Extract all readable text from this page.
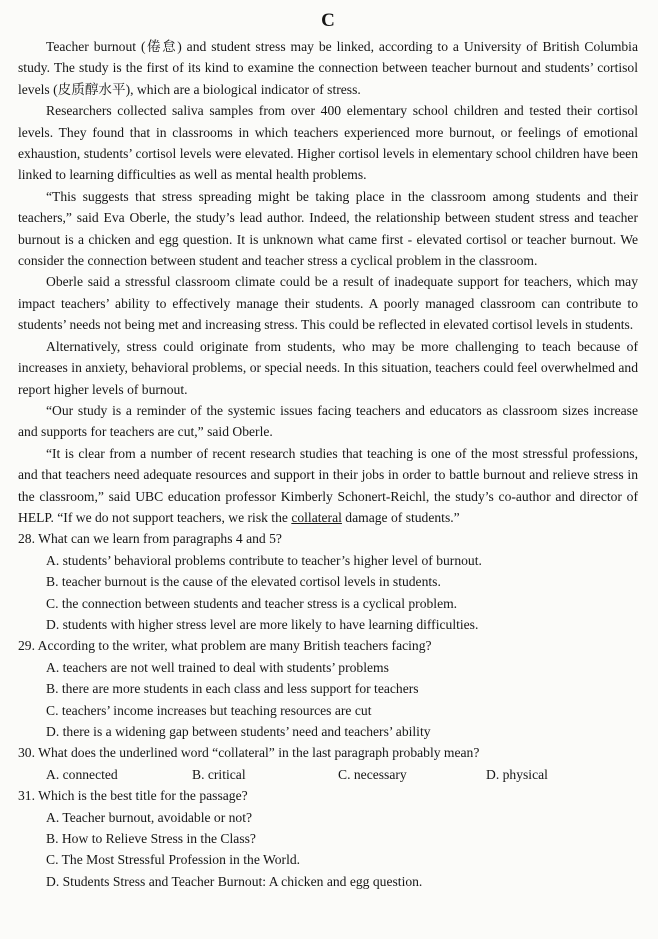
C

Teacher burnout (倦怠) and student stress may be linked, according to a University of British Columbia study. The study is the first of its kind to examine the connection between teacher burnout and students’ cortisol levels (皮质醇水平), which are a biological indicator of stress.

Researchers collected saliva samples from over 400 elementary school children and tested their cortisol levels. They found that in classrooms in which teachers experienced more burnout, or feelings of emotional exhaustion, students’ cortisol levels were elevated. Higher cortisol levels in elementary school children have been linked to learning difficulties as well as mental health problems.

“This suggests that stress spreading might be taking place in the classroom among students and their teachers,” said Eva Oberle, the study’s lead author. Indeed, the relationship between student stress and teacher burnout is a chicken and egg question. It is unknown what came first - elevated cortisol or teacher burnout. We consider the connection between student and teacher stress a cyclical problem in the classroom.

Oberle said a stressful classroom climate could be a result of inadequate support for teachers, which may impact teachers’ ability to effectively manage their students. A poorly managed classroom can contribute to students’ needs not being met and increasing stress. This could be reflected in elevated cortisol levels in students.

Alternatively, stress could originate from students, who may be more challenging to teach because of increases in anxiety, behavioral problems, or special needs. In this situation, teachers could feel overwhelmed and report higher levels of burnout.

“Our study is a reminder of the systemic issues facing teachers and educators as classroom sizes increase and supports for teachers are cut,” said Oberle.

“It is clear from a number of recent research studies that teaching is one of the most stressful professions, and that teachers need adequate resources and support in their jobs in order to battle burnout and relieve stress in the classroom,” said UBC education professor Kimberly Schonert-Reichl, the study’s co-author and director of HELP. “If we do not support teachers, we risk the collateral damage of students.”

28. What can we learn from paragraphs 4 and 5?

A. students’ behavioral problems contribute to teacher’s higher level of burnout.
B. teacher burnout is the cause of the elevated cortisol levels in students.
C. the connection between students and teacher stress is a cyclical problem.
D. students with higher stress level are more likely to have learning difficulties.

29. According to the writer, what problem are many British teachers facing?

A. teachers are not well trained to deal with students’ problems
B. there are more students in each class and less support for teachers
C. teachers’ income increases but teaching resources are cut
D. there is a widening gap between students’ need and teachers’ ability

30. What does the underlined word “collateral” in the last paragraph probably mean?

A. connected	B. critical	C. necessary	D. physical

31. Which is the best title for the passage?

A. Teacher burnout, avoidable or not?
B. How to Relieve Stress in the Class?
C. The Most Stressful Profession in the World.
D. Students Stress and Teacher Burnout: A chicken and egg question.
